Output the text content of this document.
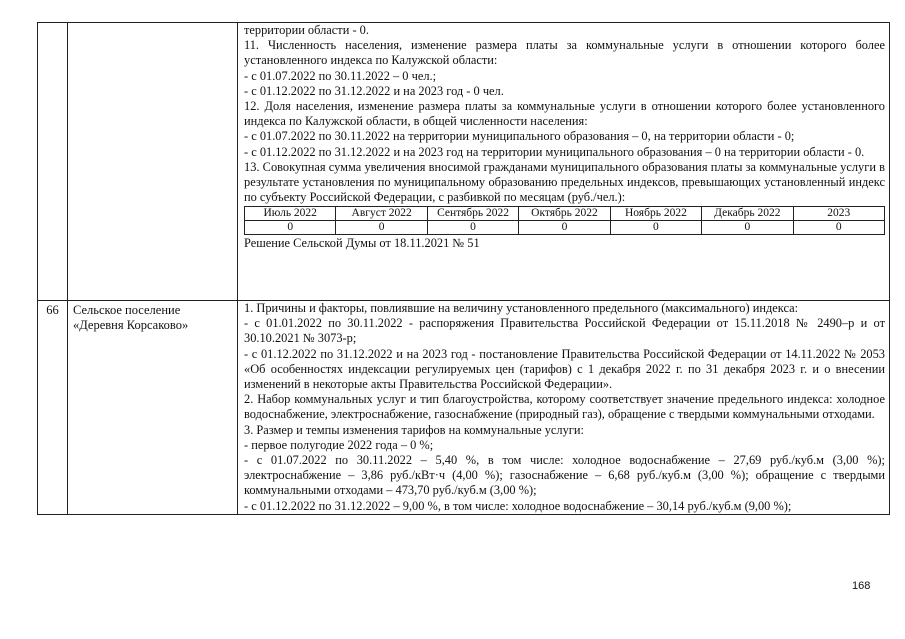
территории области - 0.

11. Численность населения, изменение размера платы за коммунальные услуги в отношении которого более установленного индекса по Калужской области:

- с 01.07.2022 по 30.11.2022 – 0 чел.;

- с 01.12.2022 по 31.12.2022 и на 2023 год - 0 чел.

12. Доля населения, изменение размера платы за коммунальные услуги в отношении которого более установленного индекса по Калужской области, в общей численности населения:

- с 01.07.2022 по 30.11.2022 на территории муниципального образования – 0, на территории области - 0;

- с 01.12.2022 по 31.12.2022 и на 2023 год на территории муниципального образования – 0 на территории области - 0.

13. Совокупная сумма увеличения вносимой гражданами муниципального образования платы за коммунальные услуги в результате установления по муниципальному образованию предельных индексов, превышающих установленный индекс по субъекту Российской Федерации, с разбивкой по месяцам (руб./чел.):

Июль 2022	Август 2022	Сентябрь 2022	Октябрь 2022	Ноябрь 2022	Декабрь 2022	2023
0	0	0	0	0	0	0

Решение Сельской Думы от 18.11.2021 № 51

66	Сельское поселение «Деревня Корсаково»	

1. Причины и факторы, повлиявшие на величину установленного предельного (максимального) индекса:

- с 01.01.2022 по 30.11.2022 - распоряжения Правительства Российской Федерации от 15.11.2018 № 2490–р и от 30.10.2021 № 3073-р;

- с 01.12.2022 по 31.12.2022 и на 2023 год - постановление Правительства Российской Федерации от 14.11.2022 № 2053 «Об особенностях индексации регулируемых цен (тарифов) с 1 декабря 2022 г. по 31 декабря 2023 г. и о внесении изменений в некоторые акты Правительства Российской Федерации».

2. Набор коммунальных услуг и тип благоустройства, которому соответствует значение предельного индекса: холодное водоснабжение, электроснабжение, газоснабжение (природный газ), обращение с твердыми коммунальными отходами.

3. Размер и темпы изменения тарифов на коммунальные услуги:

- первое полугодие 2022 года – 0 %;

- с 01.07.2022 по 30.11.2022 – 5,40 %, в том числе: холодное водоснабжение – 27,69 руб./куб.м (3,00 %); электроснабжение – 3,86 руб./кВт·ч (4,00 %); газоснабжение – 6,68 руб./куб.м (3,00 %); обращение с твердыми коммунальными отходами – 473,70 руб./куб.м (3,00 %);

- с 01.12.2022 по 31.12.2022 – 9,00 %, в том числе: холодное водоснабжение – 30,14 руб./куб.м (9,00 %);

168
